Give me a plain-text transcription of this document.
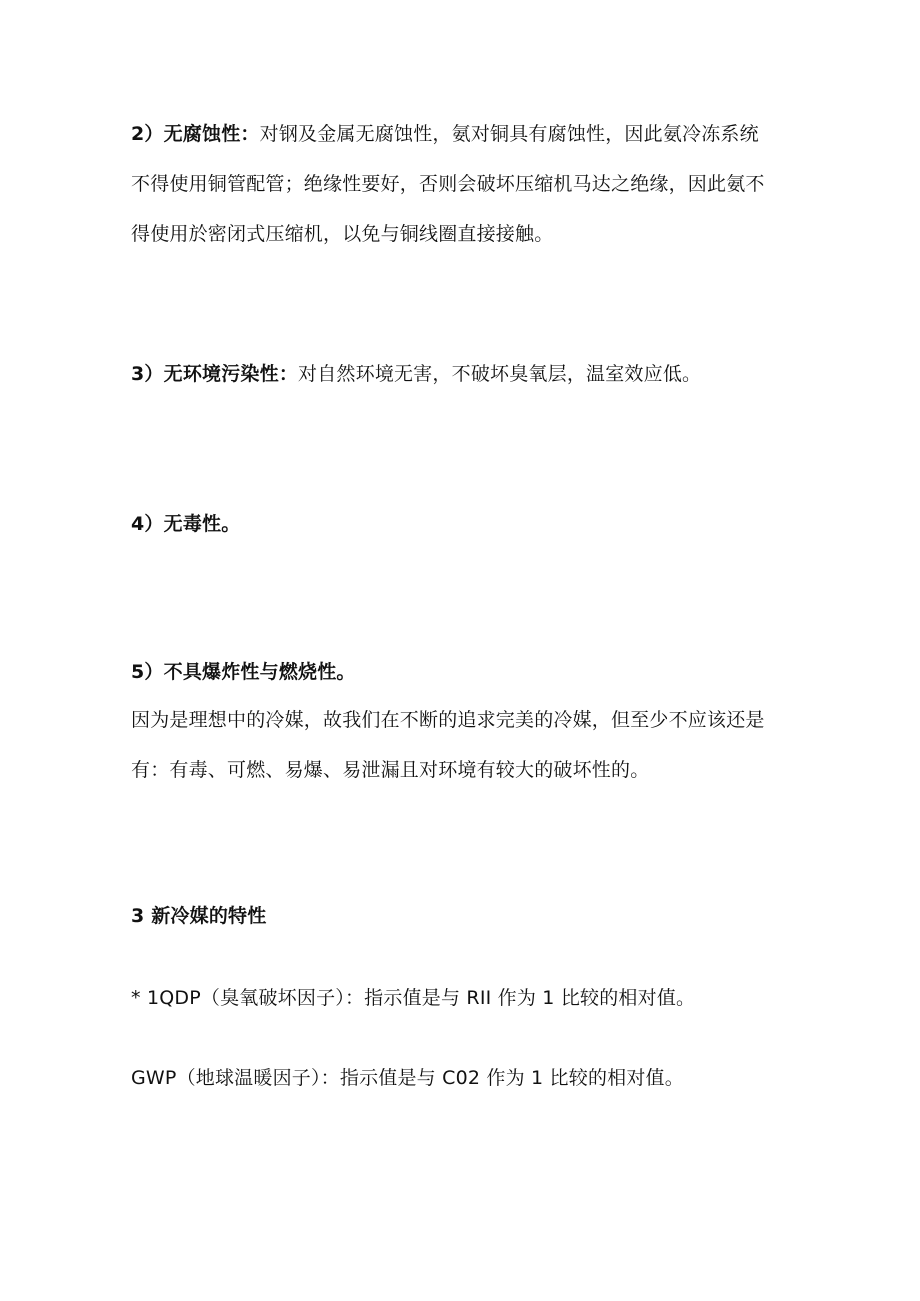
2）无腐蚀性：对钢及金属无腐蚀性，氨对铜具有腐蚀性，因此氨冷冻系统
不得使用铜管配管；绝缘性要好，否则会破坏压缩机马达之绝缘，因此氨不
得使用於密闭式压缩机，以免与铜线圈直接接触。
3）无环境污染性：对自然环境无害，不破坏臭氧层，温室效应低。
4）无毒性。
5）不具爆炸性与燃烧性。
因为是理想中的冷媒，故我们在不断的追求完美的冷媒，但至少不应该还是
有：有毒、可燃、易爆、易泄漏且对环境有较大的破坏性的。
3 新冷媒的特性
* 1QDP（臭氧破坏因子）：指示值是与 RII 作为 1 比较的相对值。
GWP（地球温暖因子）：指示值是与 C02 作为 1 比较的相对值。
